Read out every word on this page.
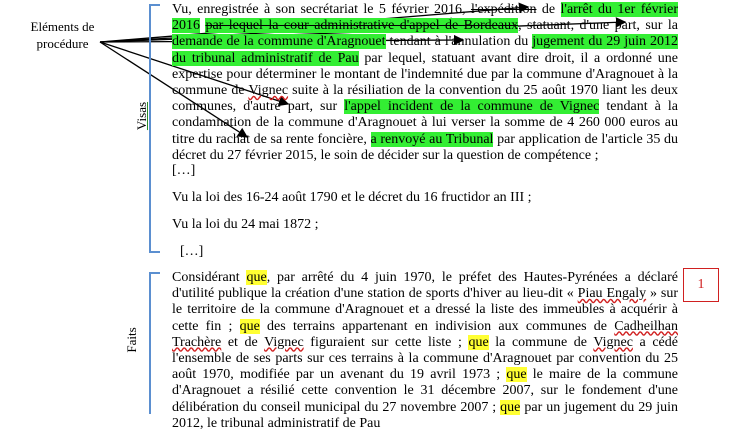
Eléments de procédure
Visas
Vu, enregistrée à son secrétariat le 5 février 2016, l'expédition de l'arrêt du 1er février 2016 par lequel la cour administrative d'appel de Bordeaux, statuant, d'une part, sur la demande de la commune d'Aragnouet tendant à l'annulation du jugement du 29 juin 2012 du tribunal administratif de Pau par lequel, statuant avant dire droit, il a ordonné une expertise pour déterminer le montant de l'indemnité due par la commune d'Aragnouet à la commune de Vignec suite à la résiliation de la convention du 25 août 1970 liant les deux communes, d'autre part, sur l'appel incident de la commune de Vignec tendant à la condamnation de la commune d'Aragnouet à lui verser la somme de 4 260 000 euros au titre du rachat de sa rente foncière, a renvoyé au Tribunal par application de l'article 35 du décret du 27 février 2015, le soin de décider sur la question de compétence ;
[…]
Vu la loi des 16-24 août 1790 et le décret du 16 fructidor an III ;
Vu la loi du 24 mai 1872 ;
[…]
Faits
Considérant que, par arrêté du 4 juin 1970, le préfet des Hautes-Pyrénées a déclaré d'utilité publique la création d'une station de sports d'hiver au lieu-dit « Piau Engaly » sur le territoire de la commune d'Aragnouet et a dressé la liste des immeubles à acquérir à cette fin ; que des terrains appartenant en indivision aux communes de Cadheilhan Trachère et de Vignec figuraient sur cette liste ; que la commune de Vignec a cédé l'ensemble de ses parts sur ces terrains à la commune d'Aragnouet par convention du 25 août 1970, modifiée par un avenant du 19 avril 1973 ; que le maire de la commune d'Aragnouet a résilié cette convention le 31 décembre 2007, sur le fondement d'une délibération du conseil municipal du 27 novembre 2007 ; que par un jugement du 29 juin 2012, le tribunal administratif de Pau
1
